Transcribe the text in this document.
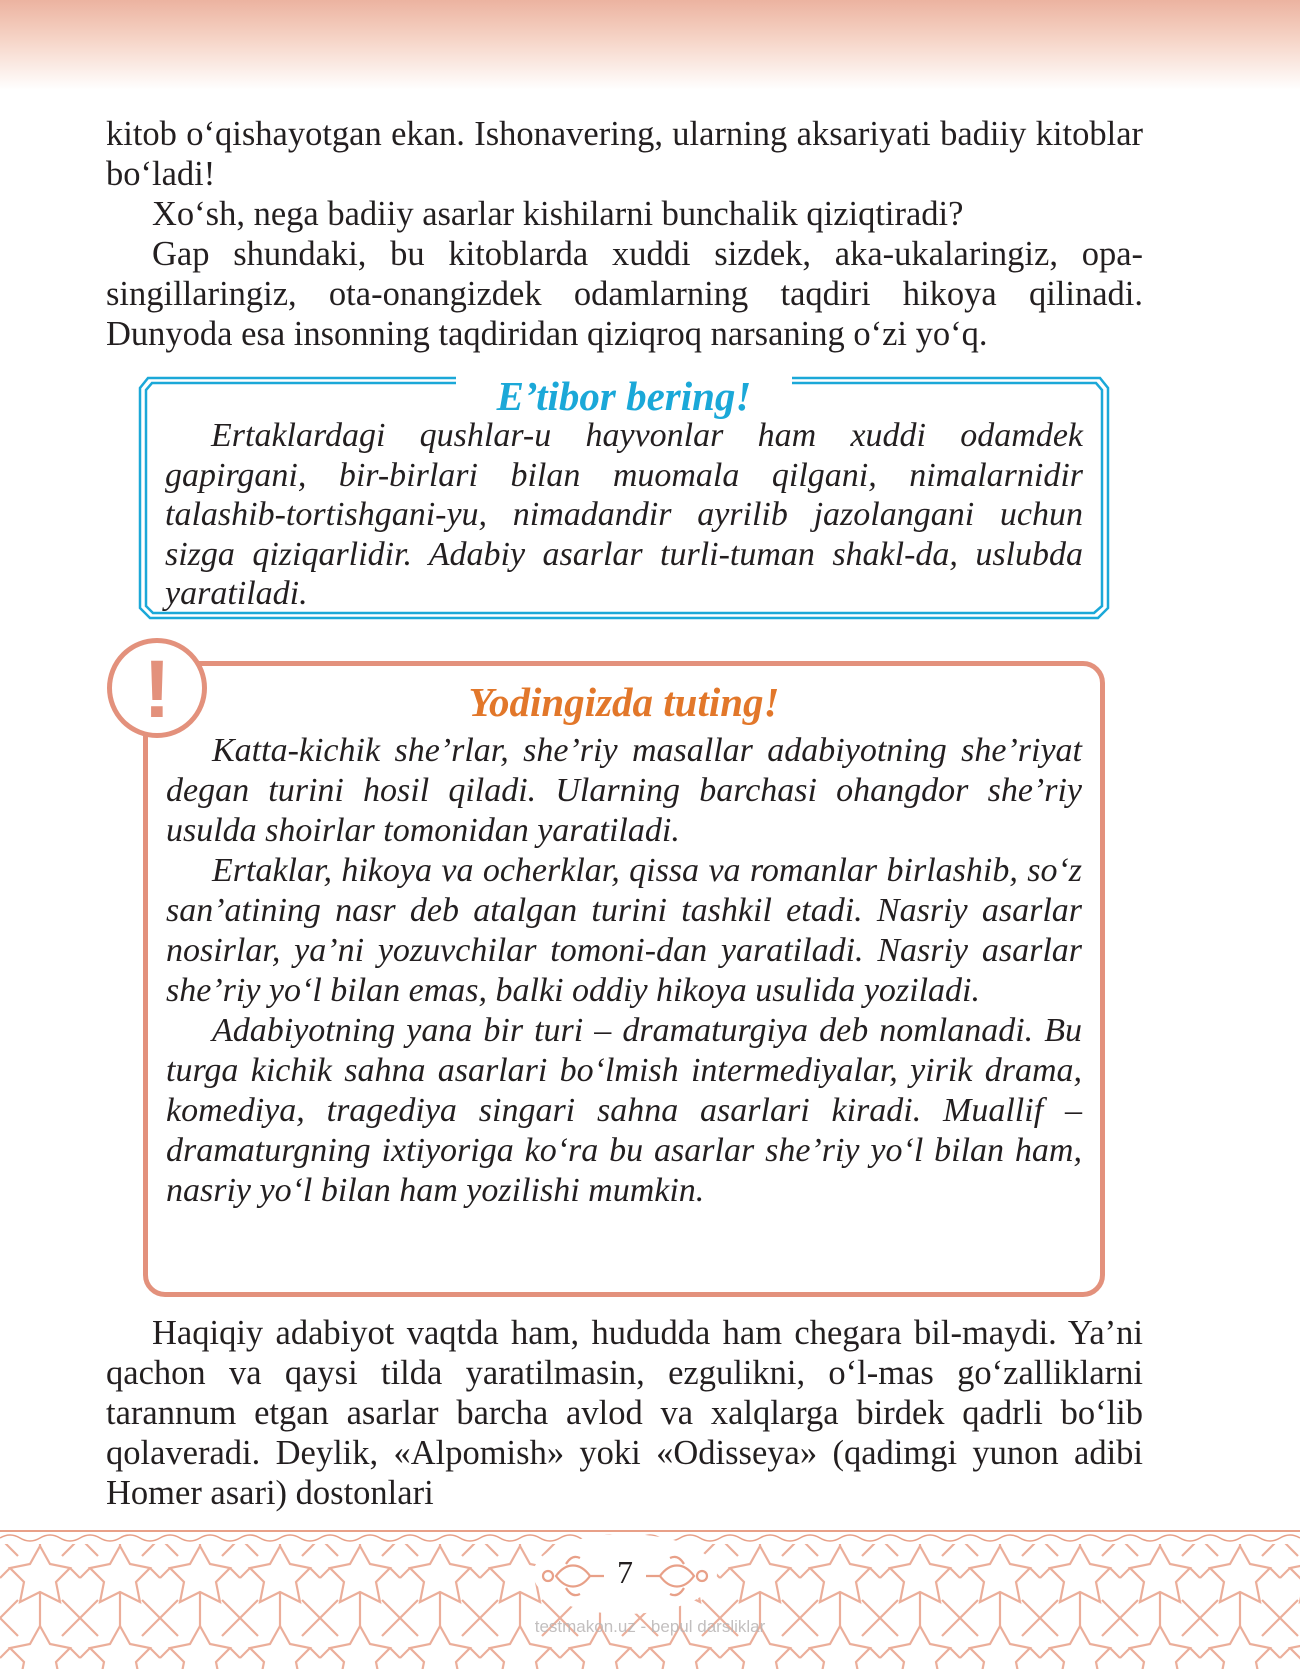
kitob o‘qishayotgan ekan. Ishonavering, ularning aksariyati badiiy kitoblar bo‘ladi!

Xo‘sh, nega badiiy asarlar kishilarni bunchalik qiziqtiradi?

Gap shundaki, bu kitoblarda xuddi sizdek, aka-ukalaringiz, opa-singillaringiz, ota-onangizdek odamlarning taqdiri hikoya qilinadi. Dunyoda esa insonning taqdiridan qiziqroq narsaning o‘zi yo‘q.

E’tibor bering!
Ertaklardagi qushlar-u hayvonlar ham xuddi odamdek gapirgani, bir-birlari bilan muomala qilgani, nimalarnidir talashib-tortishgani-yu, nimadandir ayrilib jazolangani uchun sizga qiziqarlidir. Adabiy asarlar turli-tuman shakl-da, uslubda yaratiladi.
!	Yodingizda tuting!

Katta-kichik she’rlar, she’riy masallar adabiyotning she’riyat degan turini hosil qiladi. Ularning barchasi ohangdor she’riy usulda shoirlar tomonidan yaratiladi.

Ertaklar, hikoya va ocherklar, qissa va romanlar birlashib, so‘z san’atining nasr deb atalgan turini tashkil etadi. Nasriy asarlar nosirlar, ya’ni yozuvchilar tomoni-dan yaratiladi. Nasriy asarlar she’riy yo‘l bilan emas, balki oddiy hikoya usulida yoziladi.

Adabiyotning yana bir turi – dramaturgiya deb nomlanadi. Bu turga kichik sahna asarlari bo‘lmish intermediyalar, yirik drama, komediya, tragediya singari sahna asarlari kiradi. Muallif – dramaturgning ixtiyoriga ko‘ra bu asarlar she’riy yo‘l bilan ham, nasriy yo‘l bilan ham yozilishi mumkin.

Haqiqiy adabiyot vaqtda ham, hududda ham chegara bil-maydi. Ya’ni qachon va qaysi tilda yaratilmasin, ezgulikni, o‘l-mas go‘zalliklarni tarannum etgan asarlar barcha avlod va xalqlarga birdek qadrli bo‘lib qolaveradi. Deylik, «Alpomish» yoki «Odisseya» (qadimgi yunon adibi Homer asari) dostonlari

7
testmakon.uz - bepul darsliklar
